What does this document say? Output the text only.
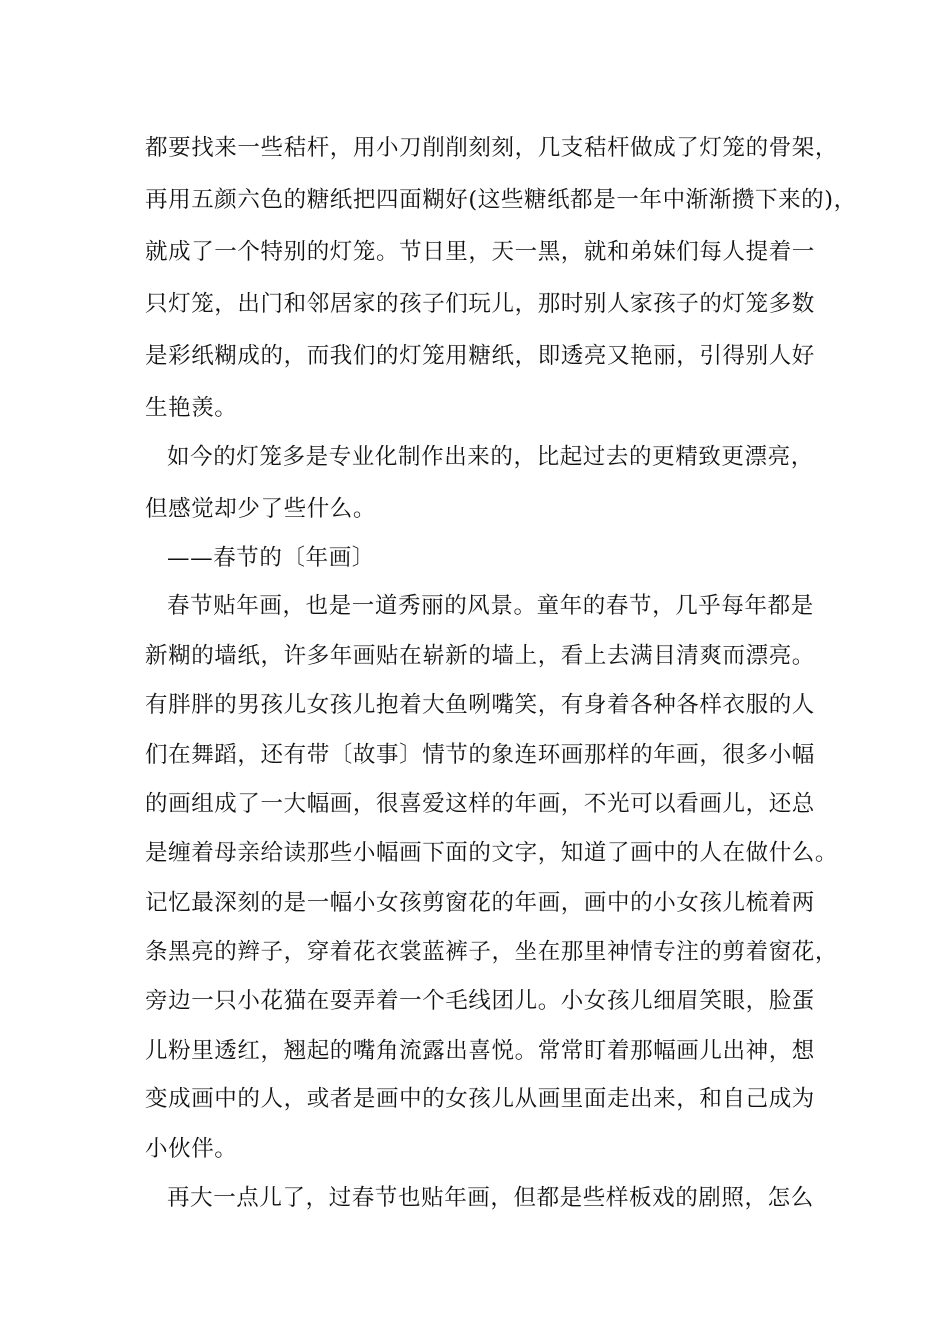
都要找来一些秸杆，用小刀削削刻刻，几支秸杆做成了灯笼的骨架，
再用五颜六色的糖纸把四面糊好(这些糖纸都是一年中渐渐攒下来的)，
就成了一个特别的灯笼。节日里，天一黑，就和弟妹们每人提着一
只灯笼，出门和邻居家的孩子们玩儿，那时别人家孩子的灯笼多数
是彩纸糊成的，而我们的灯笼用糖纸，即透亮又艳丽，引得别人好
生艳羡。
如今的灯笼多是专业化制作出来的，比起过去的更精致更漂亮，
但感觉却少了些什么。
——春节的〔年画〕
春节贴年画，也是一道秀丽的风景。童年的春节，几乎每年都是
新糊的墙纸，许多年画贴在崭新的墙上，看上去满目清爽而漂亮。
有胖胖的男孩儿女孩儿抱着大鱼咧嘴笑，有身着各种各样衣服的人
们在舞蹈，还有带〔故事〕情节的象连环画那样的年画，很多小幅
的画组成了一大幅画，很喜爱这样的年画，不光可以看画儿，还总
是缠着母亲给读那些小幅画下面的文字，知道了画中的人在做什么。
记忆最深刻的是一幅小女孩剪窗花的年画，画中的小女孩儿梳着两
条黑亮的辫子，穿着花衣裳蓝裤子，坐在那里神情专注的剪着窗花，
旁边一只小花猫在耍弄着一个毛线团儿。小女孩儿细眉笑眼，脸蛋
儿粉里透红，翘起的嘴角流露出喜悦。常常盯着那幅画儿出神，想
变成画中的人，或者是画中的女孩儿从画里面走出来，和自己成为
小伙伴。
再大一点儿了，过春节也贴年画，但都是些样板戏的剧照，怎么
